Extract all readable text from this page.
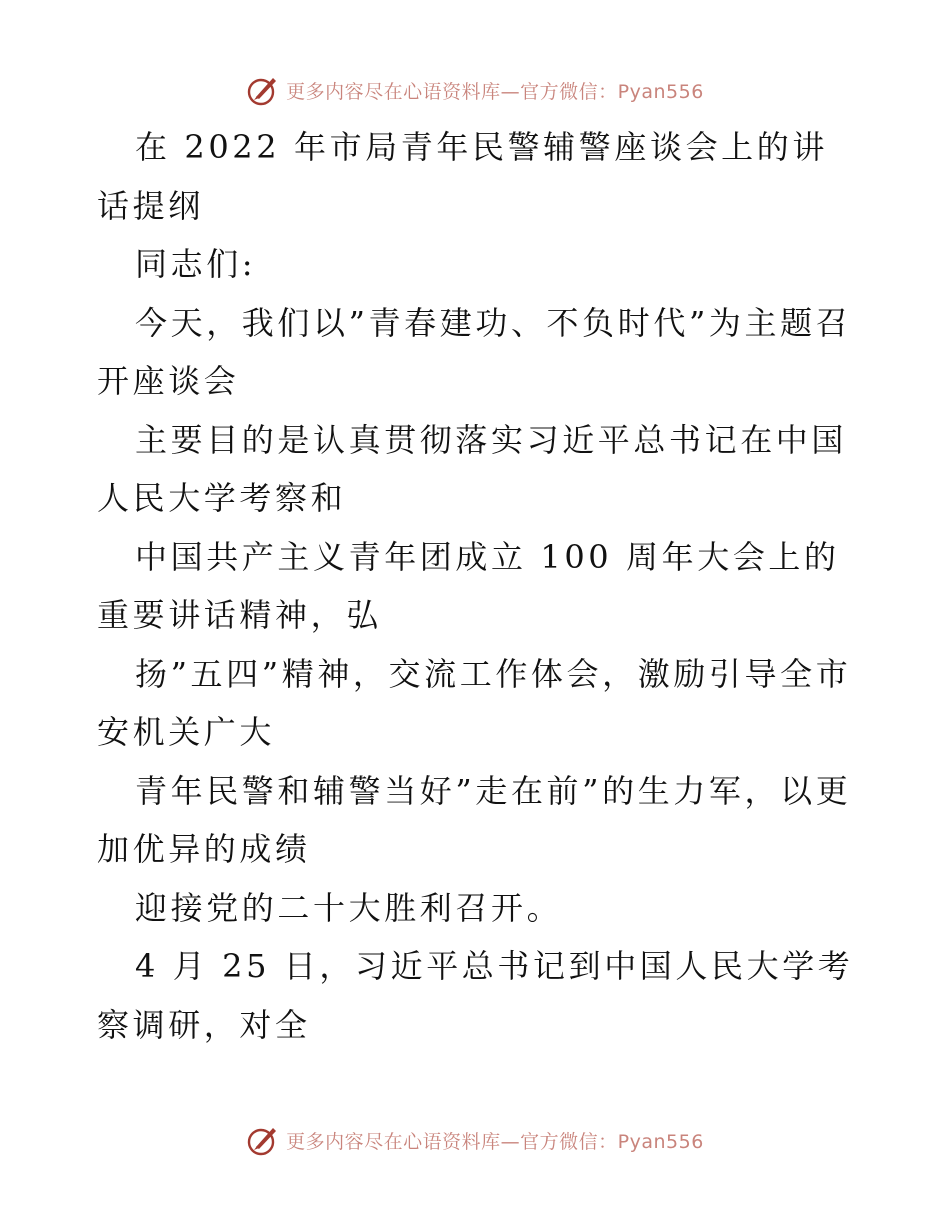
更多内容尽在心语资料库—官方微信：Pyan556

在 2022 年市局青年民警辅警座谈会上的讲话提纲

同志们:

今天，我们以”青春建功、不负时代”为主题召开座谈会

主要目的是认真贯彻落实习近平总书记在中国人民大学考察和

中国共产主义青年团成立 100 周年大会上的重要讲话精神，弘

扬”五四”精神，交流工作体会，激励引导全市安机关广大

青年民警和辅警当好”走在前”的生力军，以更加优异的成绩

迎接党的二十大胜利召开。

4 月 25 日，习近平总书记到中国人民大学考察调研，对全

更多内容尽在心语资料库—官方微信：Pyan556
